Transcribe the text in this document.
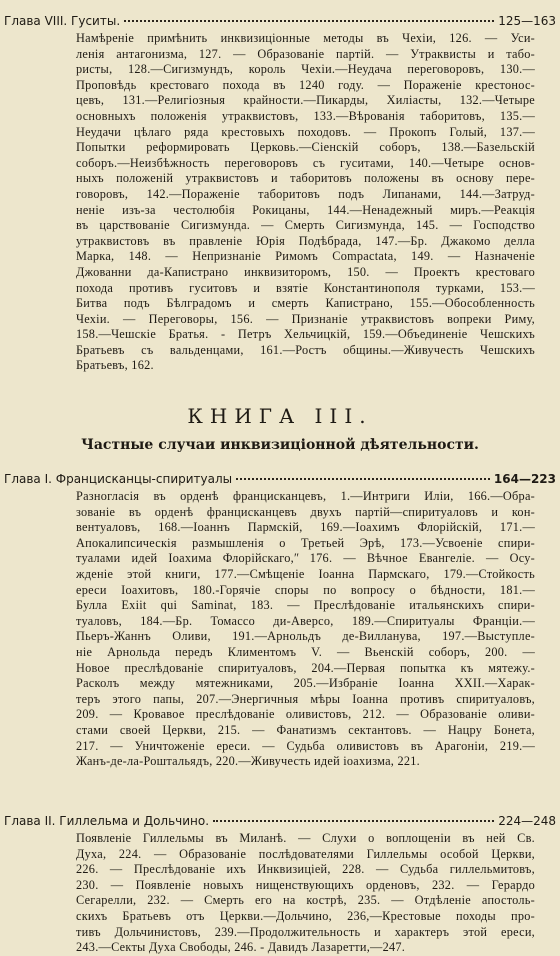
Глава VIII. Гуситы.	125—163
Намѣреніе примѣнить инквизиціонные методы въ Чехіи, 126. — Уси-
ленія антагонизма, 127. — Образованіе партій. — Утраквисты и табо-
ристы, 128.—Сигизмундъ, король Чехіи.—Неудача переговоровъ, 130.—
Проповѣдь крестоваго похода въ 1240 году. — Пораженіе крестонос-
цевъ, 131.—Религіозныя крайности.—Пикарды, Хиліасты, 132.—Четыре
основныхъ положенія утраквистовъ, 133.—Вѣрованія таборитовъ, 135.—
Неудачи цѣлаго ряда крестовыхъ походовъ. — Прокопъ Голый, 137.—
Попытки реформировать Церковь.—Сіенскій соборъ, 138.—Базельскій
соборъ.—Неизбѣжность переговоровъ съ гуситами, 140.—Четыре основ-
ныхъ положеній утраквистовъ и таборитовъ положены въ основу пере-
говоровъ, 142.—Пораженіе таборитовъ подъ Липанами, 144.—Затруд-
неніе изъ-за честолюбія Рокицаны, 144.—Ненадежный миръ.—Реакція
въ царствованіе Сигизмунда. — Смерть Сигизмунда, 145. — Господство
утраквистовъ въ правленіе Юрія Подѣбрада, 147.—Бр. Джакомо делла
Марка, 148. — Непризнаніе Римомъ Compactata, 149. — Назначеніе
Джованни да-Капистрано инквизиторомъ, 150. — Проектъ крестоваго
похода противъ гуситовъ и взятіе Константинополя турками, 153.—
Битва подъ Бѣлградомъ и смерть Капистрано, 155.—Обособленность
Чехіи. — Переговоры, 156. — Признаніе утраквистовъ вопреки Риму,
158.—Чешскіе Братья. - Петръ Хельчицкій, 159.—Объединеніе Чешскихъ
Братьевъ съ вальденцами, 161.—Ростъ общины.—Живучесть Чешскихъ
Братьевъ, 162.
КНИГА III.
Частные случаи инквизиціонной дѣятельности.
Глава I. Францисканцы-спиритуалы	164—223
Разногласія въ орденѣ францисканцевъ, 1.—Интриги Иліи, 166.—Обра-
зованіе въ орденѣ францисканцевъ двухъ партій—спиритуаловъ и кон-
вентуаловъ, 168.—Іоаннъ Пармскій, 169.—Іоахимъ Флорійскій, 171.—
Апокалипсическія размышленія о Третьей Эрѣ, 173.—Усвоеніе спири-
туалами идей Іоахима Флорійскаго,ʺ 176. — Вѣчное Евангеліе. — Осу-
жденіе этой книги, 177.—Смѣщеніе Іоанна Пармскаго, 179.—Стойкость
ереси Іоахитовъ, 180.-Горячіе споры по вопросу о бѣдности, 181.—
Булла Exiit qui Saminat, 183. — Преслѣдованіе итальянскихъ спири-
туаловъ, 184.—Бр. Томассо ди-Аверсо, 189.—Спиритуалы Франціи.—
Пьеръ-Жаннъ Оливи, 191.—Арнольдъ де-Вилланува, 197.—Выступле-
ніе Арнольда передъ Климентомъ V. — Вьенскій соборъ, 200. —
Новое преслѣдованіе спиритуаловъ, 204.—Первая попытка къ мятежу.-
Расколъ между мятежниками, 205.—Избраніе Іоанна XXII.—Харак-
теръ этого папы, 207.—Энергичныя мѣры Іоанна противъ спиритуаловъ,
209. — Кровавое преслѣдованіе оливистовъ, 212. — Образованіе оливи-
стами своей Церкви, 215. — Фанатизмъ сектантовъ. — Нацру Бонета,
217. — Уничтоженіе ереси. — Судьба оливистовъ въ Арагоніи, 219.—
Жанъ-де-ла-Роштальядъ, 220.—Живучесть идей іоахизма, 221.
Глава II. Гиллельма и Дольчино.	224—248
Появленіе Гиллельмы въ Миланѣ. — Слухи о воплощеніи въ ней Св.
Духа, 224. — Образованіе послѣдователями Гиллельмы особой Церкви,
226. — Преслѣдованіе ихъ Инквизиціей, 228. — Судьба гиллельмитовъ,
230. — Появленіе новыхъ нищенствующихъ орденовъ, 232. — Герардо
Сегарелли, 232. — Смерть его на кострѣ, 235. — Отдѣленіе апостоль-
скихъ Братьевъ отъ Церкви.—Дольчино, 236,—Крестовые походы про-
тивъ Дольчинистовъ, 239.—Продолжительность и характеръ этой ереси,
243.—Секты Духа Свободы, 246. - Давидъ Лазаретти,—247.
